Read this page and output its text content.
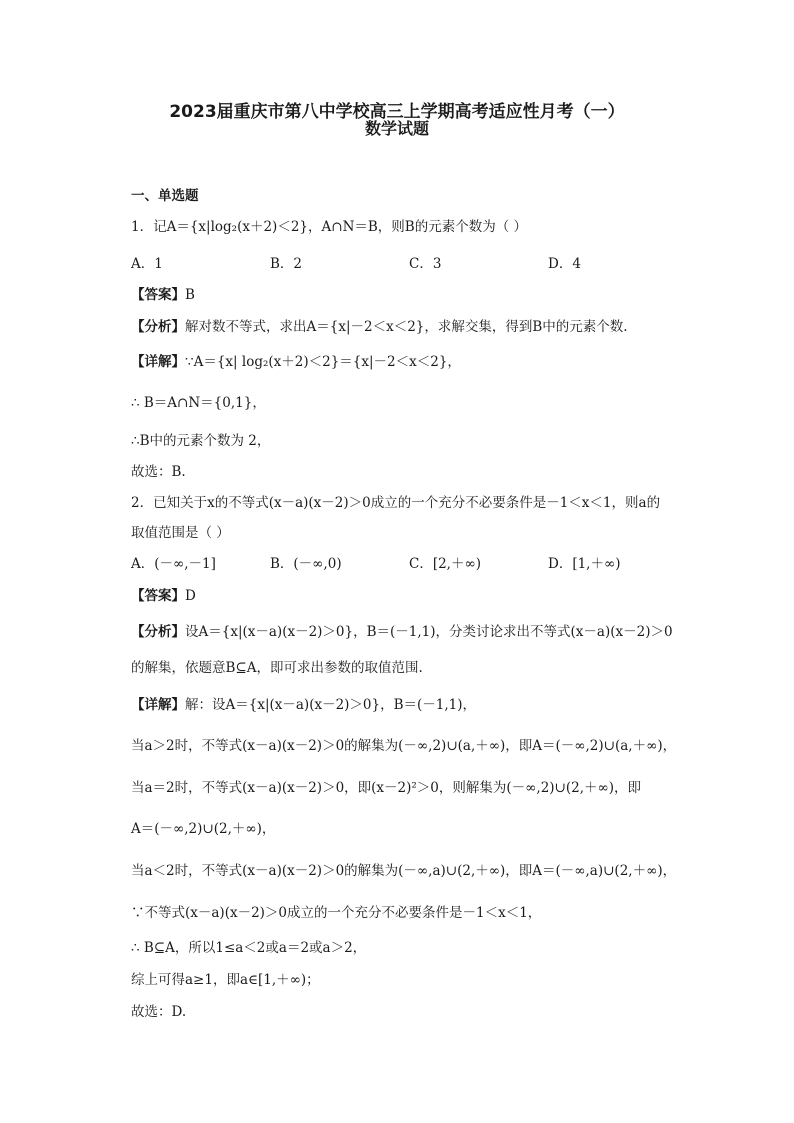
2023届重庆市第八中学校高三上学期高考适应性月考（一）
数学试题
一、单选题
1．记A＝{x|log₂(x＋2)＜2}，A∩N＝B，则B的元素个数为（ ）
A．1	B．2	C．3	D．4
【答案】B
【分析】解对数不等式，求出A＝{x|－2＜x＜2}，求解交集，得到B中的元素个数.
【详解】∵A＝{x| log₂(x＋2)＜2}＝{x|－2＜x＜2}，
∴ B＝A∩N＝{0,1}，
∴B中的元素个数为 2，
故选：B.
2．已知关于x的不等式(x－a)(x－2)＞0成立的一个充分不必要条件是－1＜x＜1，则a的
取值范围是（ ）
A．(－∞,－1]	B．(－∞,0)	C．[2,＋∞)	D．[1,＋∞)
【答案】D
【分析】设A＝{x|(x－a)(x－2)＞0}，B＝(－1,1)，分类讨论求出不等式(x－a)(x－2)＞0
的解集，依题意B⊆A，即可求出参数的取值范围.
【详解】解：设A＝{x|(x－a)(x－2)＞0}，B＝(－1,1)，
当a＞2时，不等式(x－a)(x－2)＞0的解集为(－∞,2)∪(a,＋∞)，即A＝(－∞,2)∪(a,＋∞)，
当a＝2时，不等式(x－a)(x－2)＞0，即(x－2)²＞0，则解集为(－∞,2)∪(2,＋∞)，即
A＝(－∞,2)∪(2,＋∞)，
当a＜2时，不等式(x－a)(x－2)＞0的解集为(－∞,a)∪(2,＋∞)，即A＝(－∞,a)∪(2,＋∞)，
∵不等式(x－a)(x－2)＞0成立的一个充分不必要条件是－1＜x＜1，
∴ B⊆A，所以1≤a＜2或a＝2或a＞2，
综上可得a≥1，即a∈[1,＋∞)；
故选：D.
